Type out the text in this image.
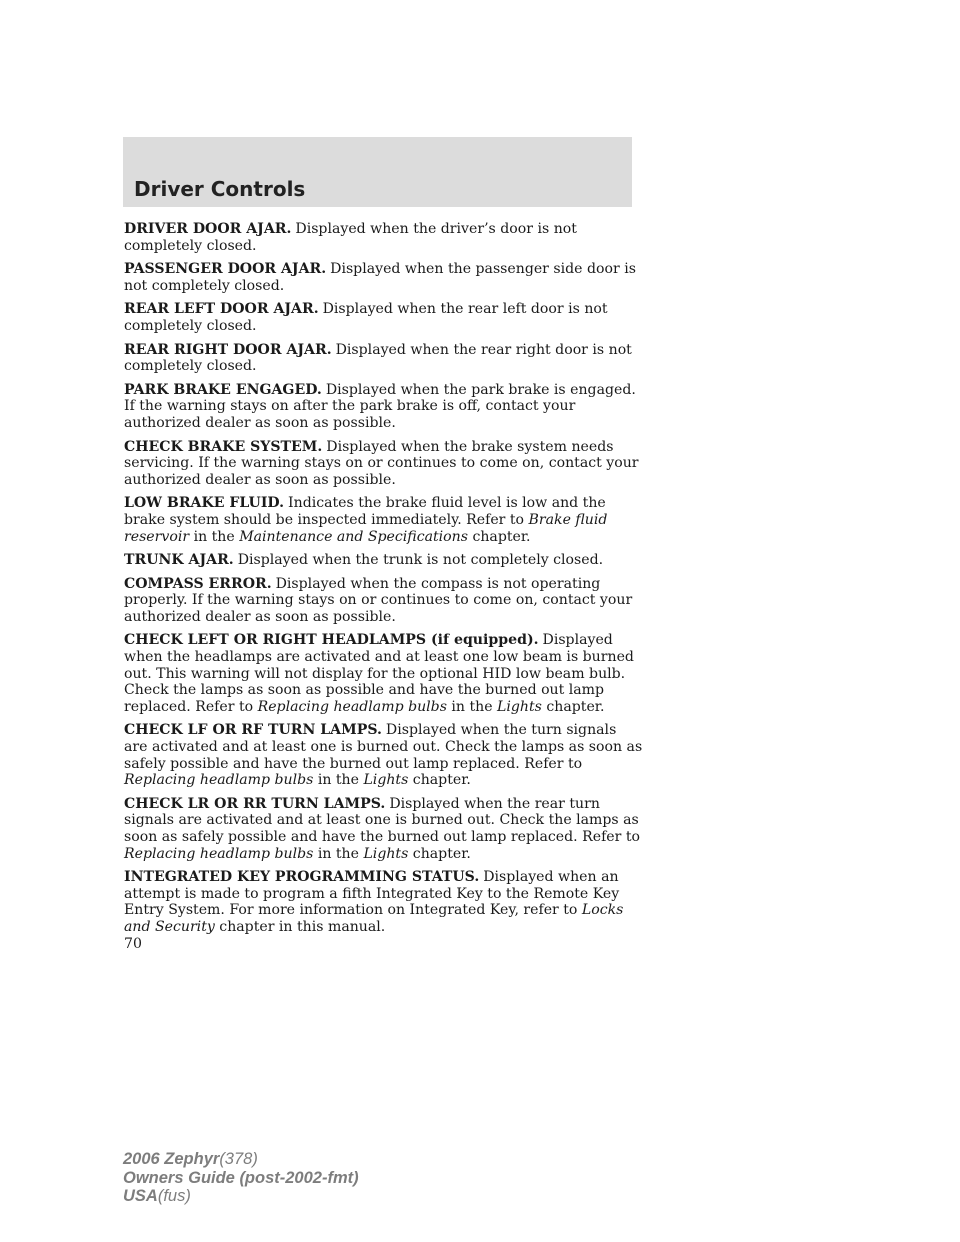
Driver Controls

DRIVER DOOR AJAR. Displayed when the driver’s door is not completely closed.

PASSENGER DOOR AJAR. Displayed when the passenger side door is not completely closed.

REAR LEFT DOOR AJAR. Displayed when the rear left door is not completely closed.

REAR RIGHT DOOR AJAR. Displayed when the rear right door is not completely closed.

PARK BRAKE ENGAGED. Displayed when the park brake is engaged. If the warning stays on after the park brake is off, contact your authorized dealer as soon as possible.

CHECK BRAKE SYSTEM. Displayed when the brake system needs servicing. If the warning stays on or continues to come on, contact your authorized dealer as soon as possible.

LOW BRAKE FLUID. Indicates the brake fluid level is low and the brake system should be inspected immediately. Refer to Brake fluid reservoir in the Maintenance and Specifications chapter.

TRUNK AJAR. Displayed when the trunk is not completely closed.

COMPASS ERROR. Displayed when the compass is not operating properly. If the warning stays on or continues to come on, contact your authorized dealer as soon as possible.

CHECK LEFT OR RIGHT HEADLAMPS (if equipped). Displayed when the headlamps are activated and at least one low beam is burned out. This warning will not display for the optional HID low beam bulb. Check the lamps as soon as possible and have the burned out lamp replaced. Refer to Replacing headlamp bulbs in the Lights chapter.

CHECK LF OR RF TURN LAMPS. Displayed when the turn signals are activated and at least one is burned out. Check the lamps as soon as safely possible and have the burned out lamp replaced. Refer to Replacing headlamp bulbs in the Lights chapter.

CHECK LR OR RR TURN LAMPS. Displayed when the rear turn signals are activated and at least one is burned out. Check the lamps as soon as safely possible and have the burned out lamp replaced. Refer to Replacing headlamp bulbs in the Lights chapter.

INTEGRATED KEY PROGRAMMING STATUS. Displayed when an attempt is made to program a fifth Integrated Key to the Remote Key Entry System. For more information on Integrated Key, refer to Locks and Security chapter in this manual.

70

2006 Zephyr(378)

Owners Guide (post-2002-fmt)

USA(fus)
